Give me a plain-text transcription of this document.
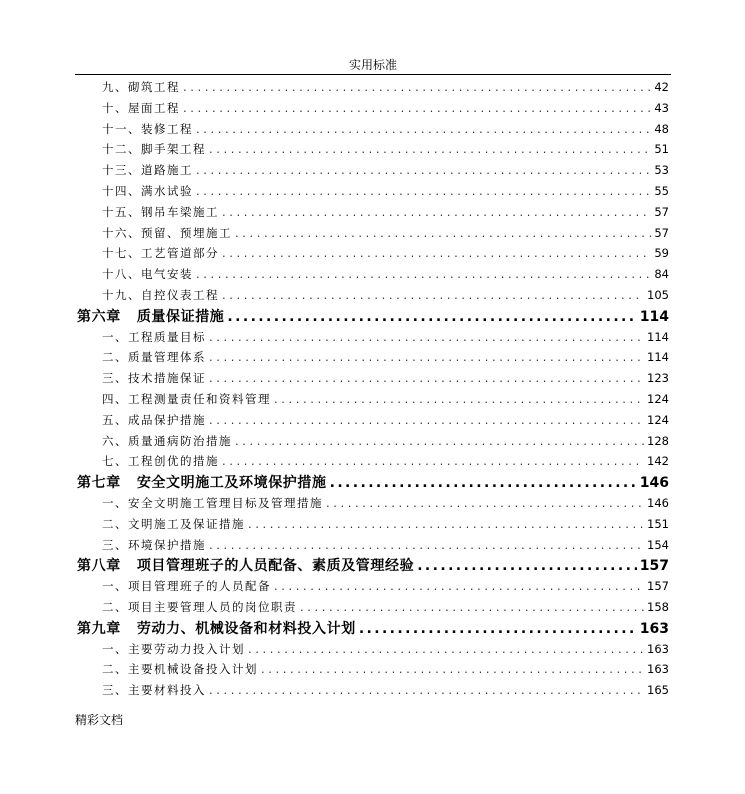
实用标准
九、砌筑工程 .....	42
十、屋面工程 .....	43
十一、装修工程 .....	48
十二、脚手架工程 .....	51
十三、道路施工 .....	53
十四、满水试验 .....	55
十五、钢吊车梁施工 .....	57
十六、预留、预埋施工 .....	57
十七、工艺管道部分 .....	59
十八、电气安装 .....	84
十九、自控仪表工程 .....	105
第六章 质量保证措施 .....	114
一、工程质量目标 .....	114
二、质量管理体系 .....	114
三、技术措施保证 .....	123
四、工程测量责任和资料管理 .....	124
五、成品保护措施 .....	124
六、质量通病防治措施 .....	128
七、工程创优的措施 .....	142
第七章 安全文明施工及环境保护措施 .....	146
一、安全文明施工管理目标及管理措施 .....	146
二、文明施工及保证措施 .....	151
三、环境保护措施 .....	154
第八章 项目管理班子的人员配备、素质及管理经验 .....	157
一、项目管理班子的人员配备 .....	157
二、项目主要管理人员的岗位职责 .....	158
第九章 劳动力、机械设备和材料投入计划 .....	163
一、主要劳动力投入计划 .....	163
二、主要机械设备投入计划 .....	163
三、主要材料投入 .....	165
精彩文档
